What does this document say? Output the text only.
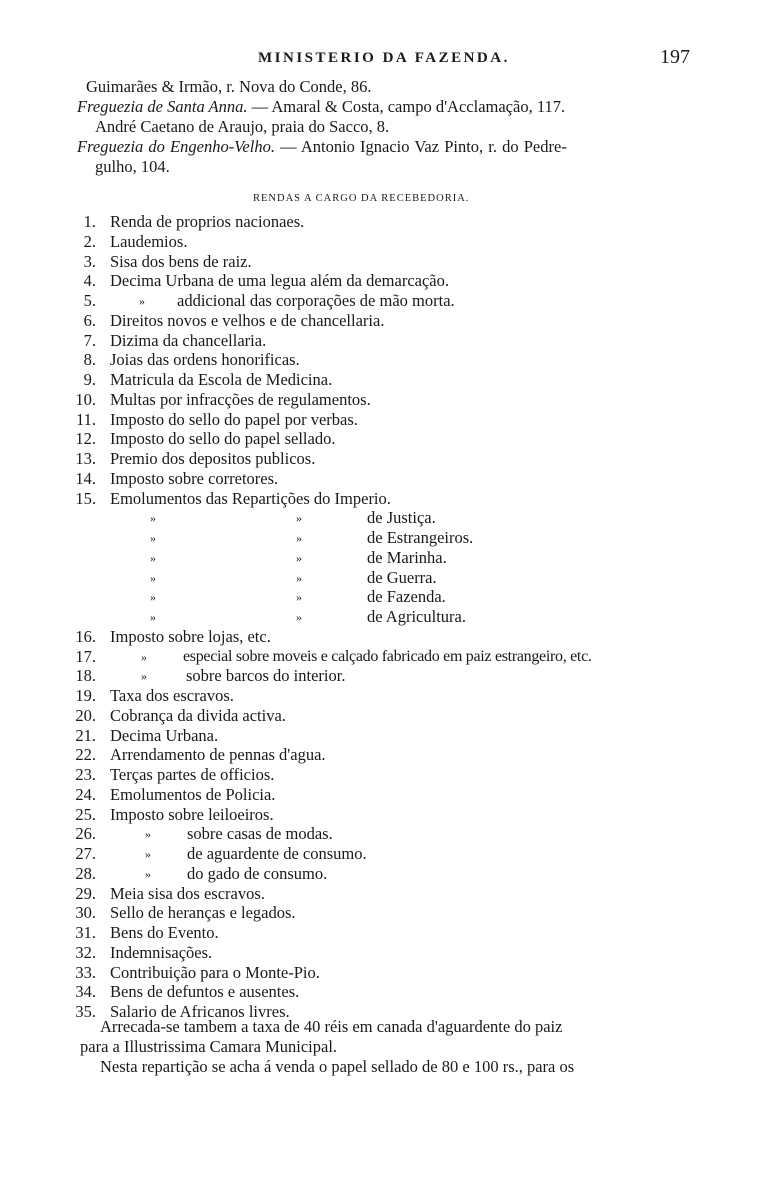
MINISTERIO DA FAZENDA.	197
Guimarães & Irmão, r. Nova do Conde, 86.
Freguezia de Santa Anna. — Amaral & Costa, campo d'Acclamação, 117.
André Caetano de Araujo, praia do Sacco, 8.
Freguezia do Engenho-Velho. — Antonio Ignacio Vaz Pinto, r. do Pedre-
gulho, 104.
RENDAS A CARGO DA RECEBEDORIA.
1. Renda de proprios nacionaes.
2. Laudemios.
3. Sisa dos bens de raiz.
4. Decima Urbana de uma legua além da demarcação.
5.	» addicional das corporações de mão morta.
6. Direitos novos e velhos e de chancellaria.
7. Dizima da chancellaria.
8. Joias das ordens honorificas.
9. Matricula da Escola de Medicina.
10. Multas por infracções de regulamentos.
11. Imposto do sello do papel por verbas.
12. Imposto do sello do papel sellado.
13. Premio dos depositos publicos.
14. Imposto sobre corretores.
15. Emolumentos das Repartições do Imperio.
»	»	de Justiça.
»	»	de Estrangeiros.
»	»	de Marinha.
»	»	de Guerra.
»	»	de Fazenda.
»	»	de Agricultura.
16. Imposto sobre lojas, etc.
17.	» especial sobre moveis e calçado fabricado em paiz estrangeiro, etc.
18.	» sobre barcos do interior.
19. Taxa dos escravos.
20. Cobrança da divida activa.
21. Decima Urbana.
22. Arrendamento de pennas d'agua.
23. Terças partes de officios.
24. Emolumentos de Policia.
25. Imposto sobre leiloeiros.
26.	» sobre casas de modas.
27.	» de aguardente de consumo.
28.	» do gado de consumo.
29. Meia sisa dos escravos.
30. Sello de heranças e legados.
31. Bens do Evento.
32. Indemnisações.
33. Contribuição para o Monte-Pio.
34. Bens de defuntos e ausentes.
35. Salario de Africanos livres.
Arrecada-se tambem a taxa de 40 réis em canada d'aguardente do paiz
para a Illustrissima Camara Municipal.
Nesta repartição se acha á venda o papel sellado de 80 e 100 rs., para os
